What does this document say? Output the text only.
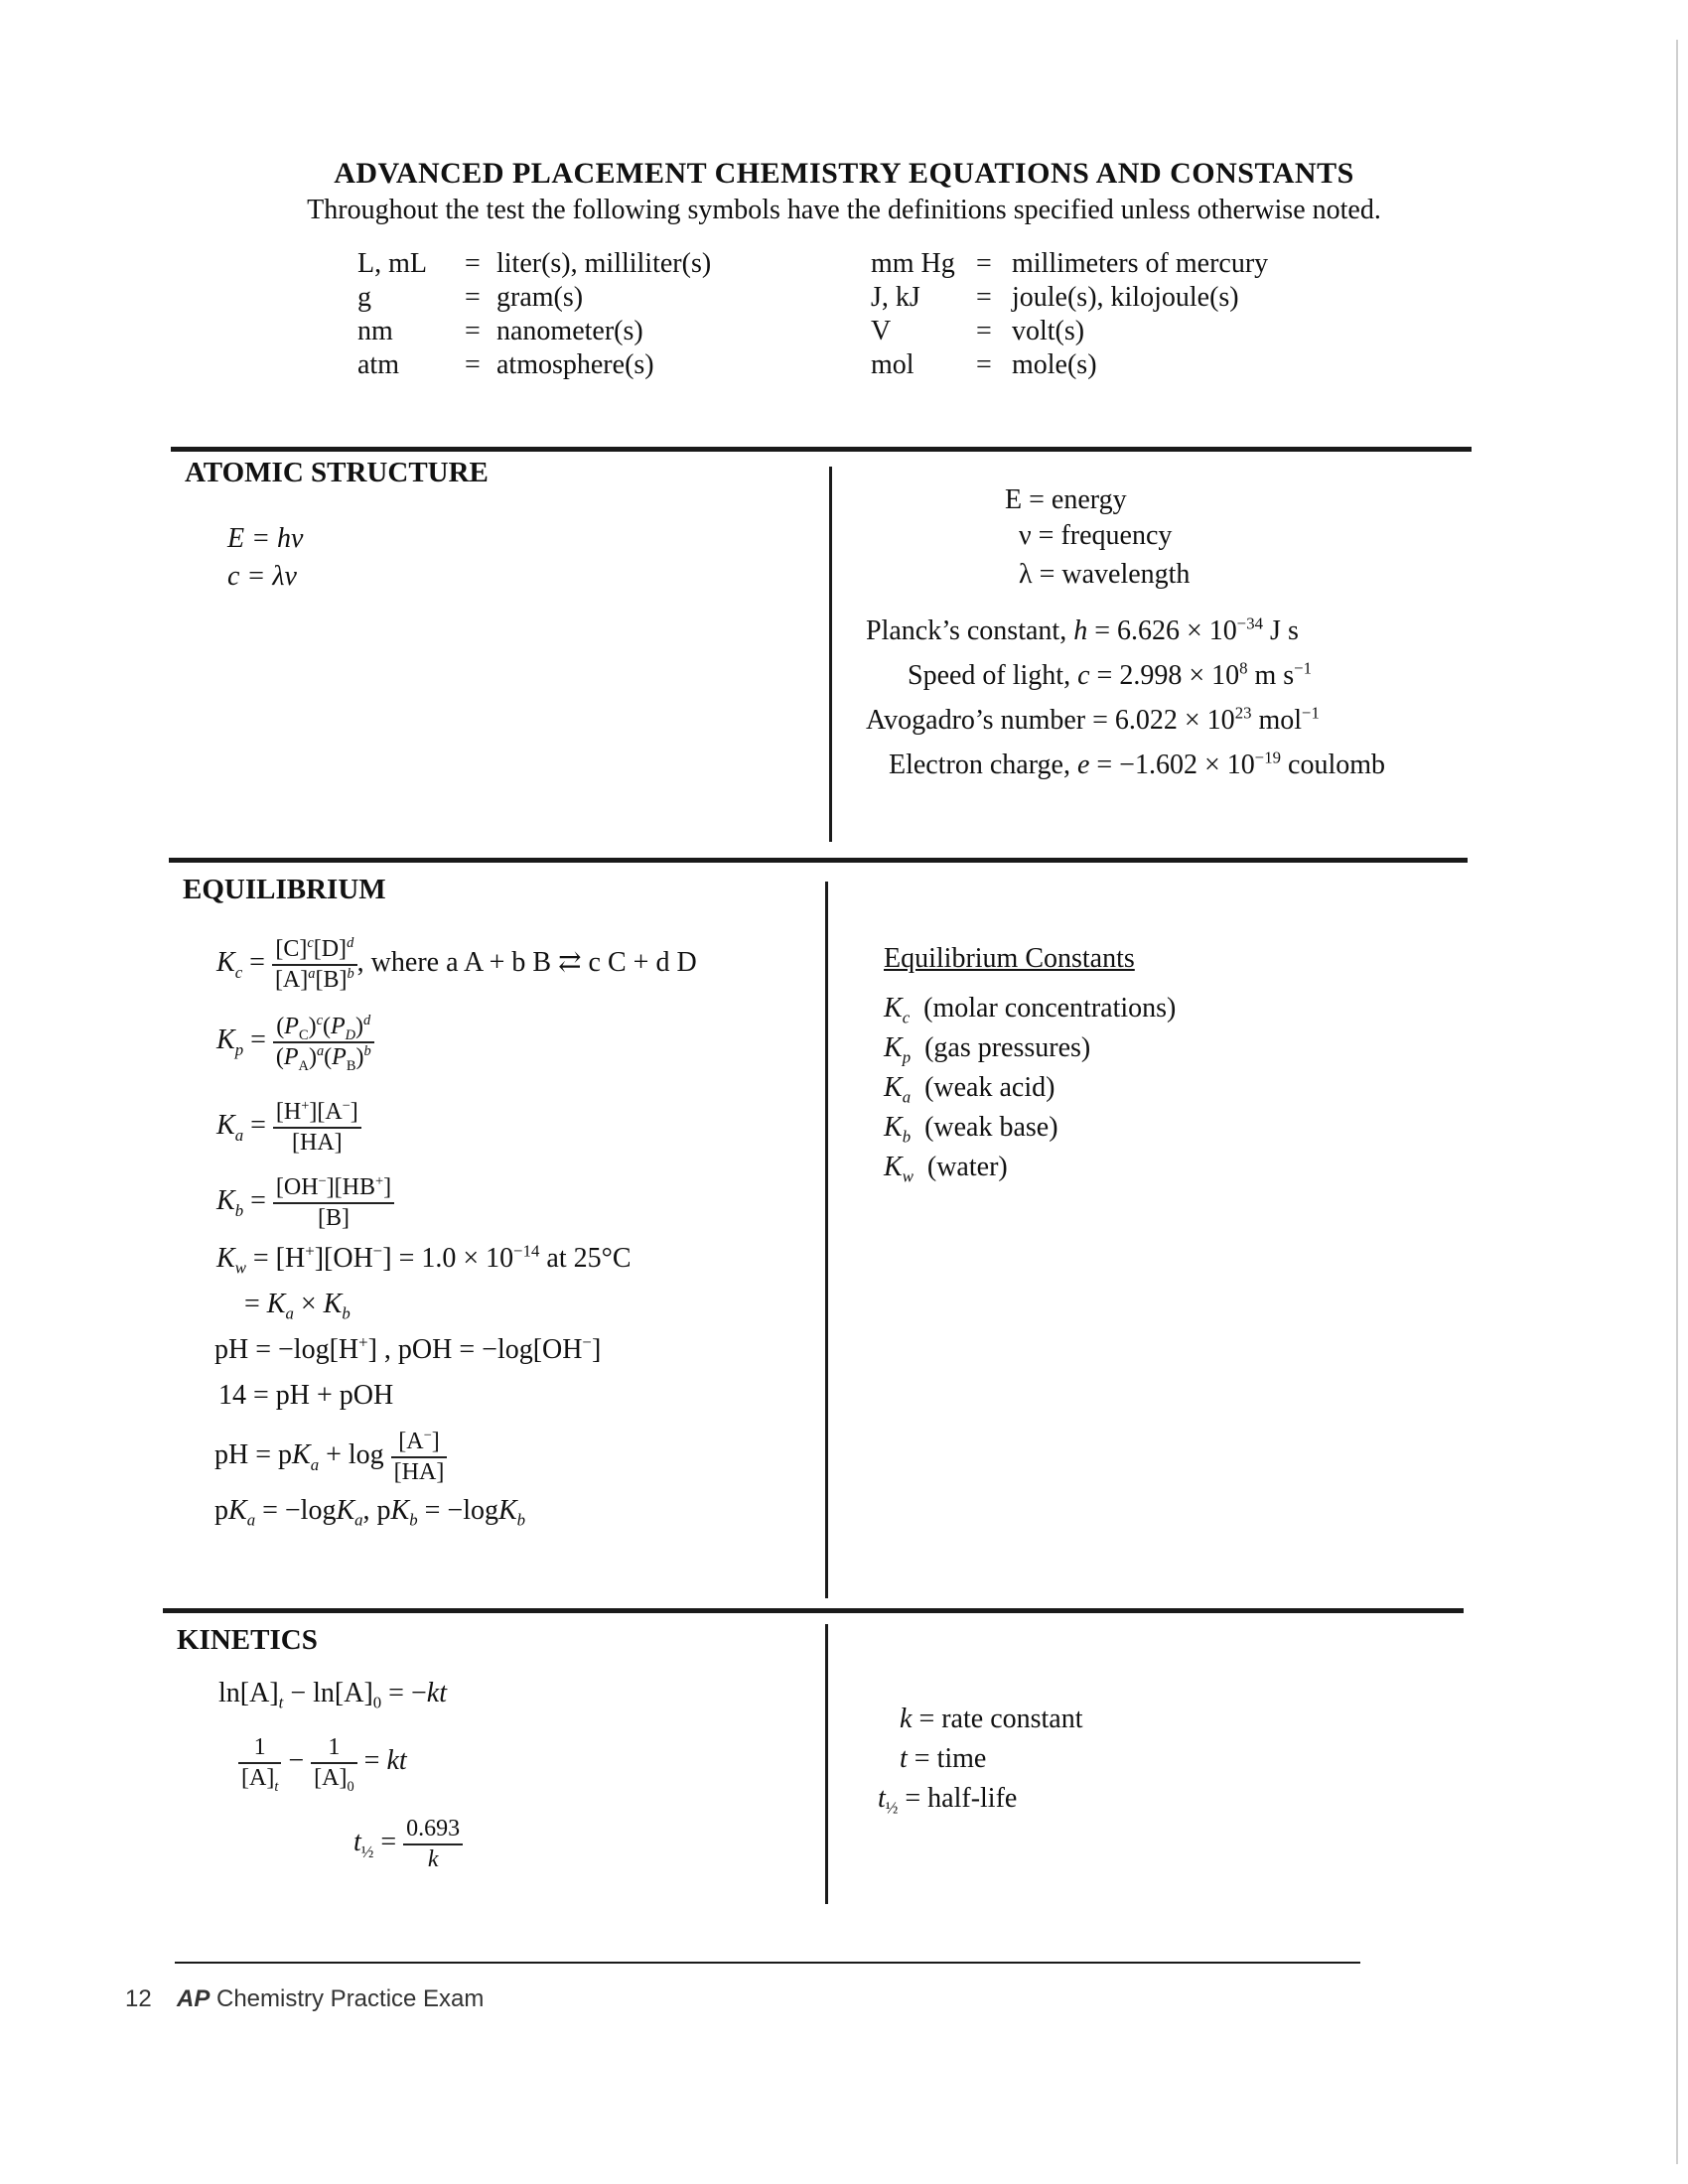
ADVANCED PLACEMENT CHEMISTRY EQUATIONS AND CONSTANTS
Throughout the test the following symbols have the definitions specified unless otherwise noted.
L, mL = liter(s), milliliter(s)
g	= gram(s)
nm	= nanometer(s)
atm = atmosphere(s)
mm Hg = millimeters of mercury
J, kJ = joule(s), kilojoule(s)
V	= volt(s)
mol = mole(s)
ATOMIC STRUCTURE
E = hν
c = λν
E = energy
ν = frequency
λ = wavelength
Planck’s constant, $h = 6.626 \times 10^{-34}$ J s
Speed of light, $c = 2.998 \times 10^8$ m $s^{-1}$
Avogadro’s number = $6.022 \times 10^{23}$ mol$^{-1}$
Electron charge, $e = -1.602 \times 10^{-19}$ coulomb
EQUILIBRIUM
$K_c = \frac{[C]^c[D]^d}{[A]^a[B]^b}$ , where a A + b B ⇄ c C + d D
$K_p = \frac{(P_C)^c(P_D)^d}{(P_A)^a(P_B)^b}$
$K_a = \frac{[H^+][A^-]}{[HA]}$
$K_b = \frac{[OH^-][HB^+]}{[B]}$
$K_w = [H^+][OH^-] = 1.0 \times 10^{-14}$ at 25°C
= $K_a \times K_b$
pH = −log[H+] , pOH = −log[OH−]
14 = pH + pOH
pH = $pK_a + \log \frac{[A^-]}{[HA]}$
$pK_a = -\log K_a$, $pK_b = -\log K_b$
Equilibrium Constants
$K_c$ (molar concentrations)
$K_p$ (gas pressures)
$K_a$ (weak acid)
$K_b$ (weak base)
$K_w$ (water)
KINETICS
$\ln[A]_t - \ln[A]_0 = -kt$
$\frac{1}{[A]_t} - \frac{1}{[A]_0}$ = kt
$t_{\frac{1}{2}} = \frac{0.693}{k}$
k = rate constant
t = time
$t_{\frac{1}{2}}$ = half-life
12 AP Chemistry Practice Exam
